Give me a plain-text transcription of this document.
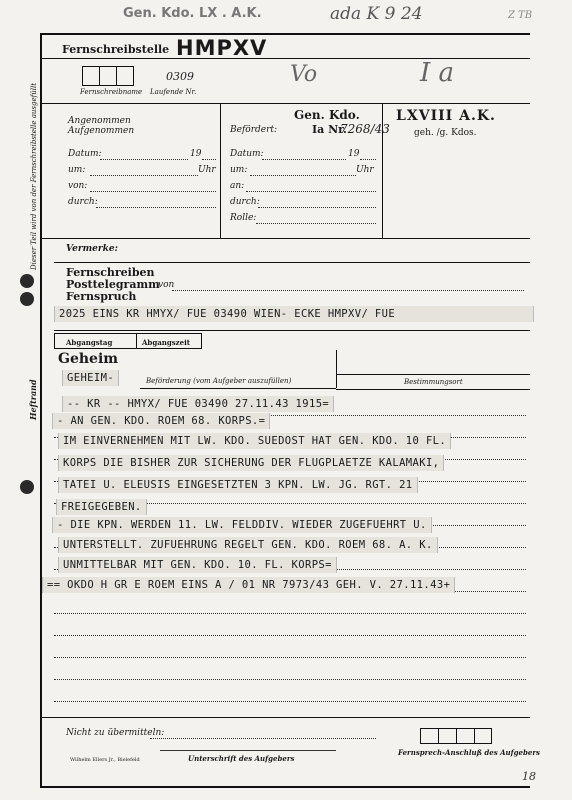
Gen. Kdo. LX . A.K.	ada K 9 24	Z TB
Dieser Teil wird von der Fernschreibstelle ausgefüllt
Heftrand
Fernschreibstelle HMPXV
0309
Fernschreibname Laufende Nr.
Vo	I a
Angenommen
Aufgenommen
Datum:	19
um:	Uhr
von:
durch:
Befördert:
Datum:	19
um:	Uhr
an:
durch:
Rolle:
Gen. Kdo.
Ia Nr.
7268/43
LXVIII A.K.
geh. /g. Kdos.
Vermerke:
Fernschreiben
Posttelegramm
von
Fernspruch
2025 EINS KR HMYX/ FUE 03490 WIEN- ECKE HMPXV/ FUE
Abgangstag	Abgangszeit
Geheim
GEHEIM-	Beförderung (vom Aufgeber auszufüllen)	Bestimmungsort
-- KR -- HMYX/ FUE 03490 27.11.43 1915=
- AN GEN. KDO. ROEM 68. KORPS.=
IM EINVERNEHMEN MIT LW. KDO. SUEDOST HAT GEN. KDO. 10 FL.
KORPS DIE BISHER ZUR SICHERUNG DER FLUGPLAETZE KALAMAKI,
TATEI U. ELEUSIS EINGESETZTEN 3 KPN. LW. JG. RGT. 21
FREIGEGEBEN.
- DIE KPN. WERDEN 11. LW. FELDDIV. WIEDER ZUGEFUEHRT U.
UNTERSTELLT. ZUFUEHRUNG REGELT GEN. KDO. ROEM 68. A. K.
UNMITTELBAR MIT GEN. KDO. 10. FL. KORPS=
== OKDO H GR E ROEM EINS A / 01 NR 7973/43 GEH. V. 27.11.43+
Nicht zu übermitteln:
Fernsprech-Anschluß des Aufgebers
Unterschrift des Aufgebers
Wilhelm Ellers Jr., Bielefeld
18
